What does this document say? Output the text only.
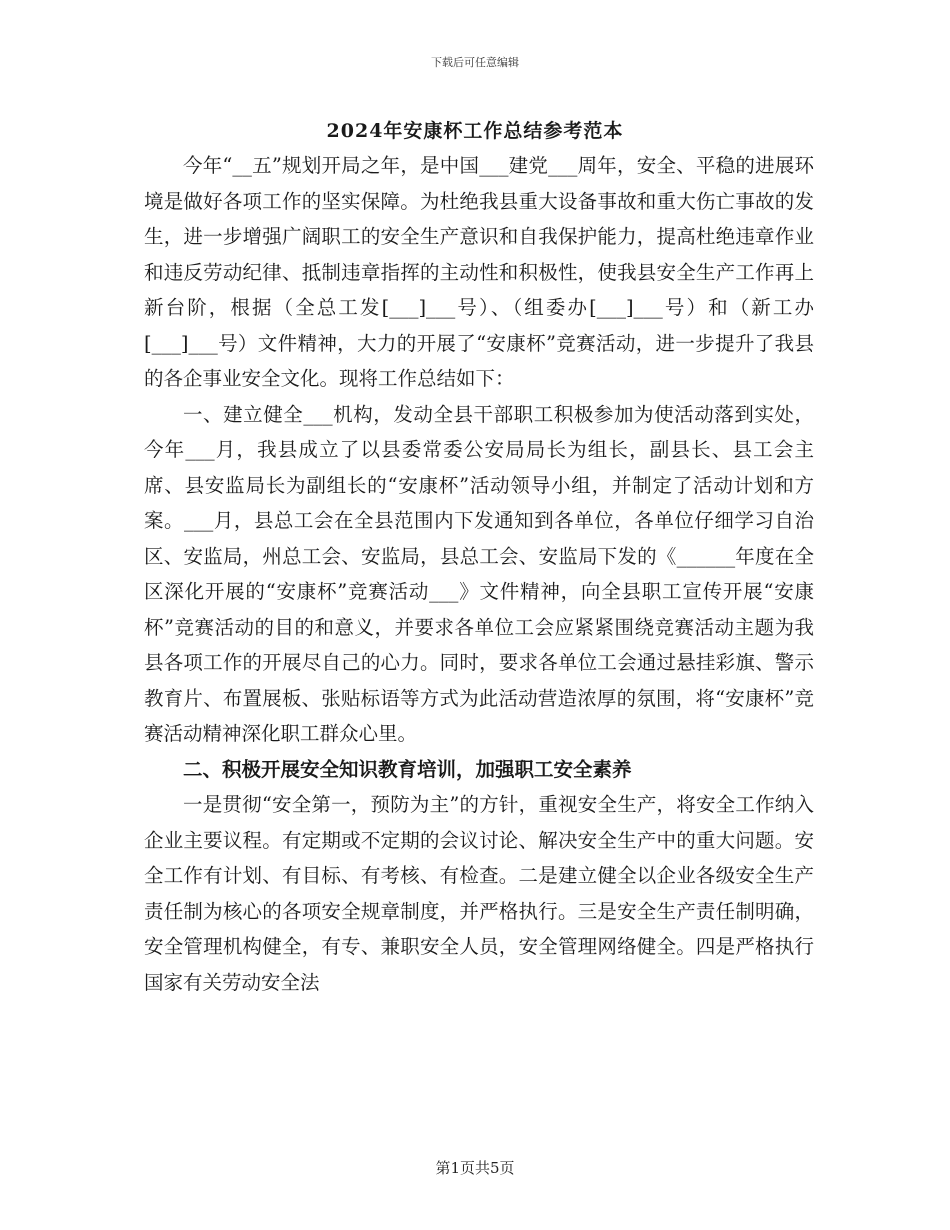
下载后可任意编辑
2024年安康杯工作总结参考范本

今年“__五”规划开局之年，是中国___建党___周年，安全、平稳的进展环境是做好各项工作的坚实保障。为杜绝我县重大设备事故和重大伤亡事故的发生，进一步增强广阔职工的安全生产意识和自我保护能力，提高杜绝违章作业和违反劳动纪律、抵制违章指挥的主动性和积极性，使我县安全生产工作再上新台阶，根据（全总工发[___]___号）、（组委办[___]___号）和（新工办[___]___号）文件精神，大力的开展了“安康杯”竞赛活动，进一步提升了我县的各企事业安全文化。现将工作总结如下：

一、建立健全___机构，发动全县干部职工积极参加为使活动落到实处，今年___月，我县成立了以县委常委公安局局长为组长，副县长、县工会主席、县安监局长为副组长的“安康杯”活动领导小组，并制定了活动计划和方案。___月，县总工会在全县范围内下发通知到各单位，各单位仔细学习自治区、安监局，州总工会、安监局，县总工会、安监局下发的《______年度在全区深化开展的“安康杯”竞赛活动___》文件精神，向全县职工宣传开展“安康杯”竞赛活动的目的和意义，并要求各单位工会应紧紧围绕竞赛活动主题为我县各项工作的开展尽自己的心力。同时，要求各单位工会通过悬挂彩旗、警示教育片、布置展板、张贴标语等方式为此活动营造浓厚的氛围，将“安康杯”竞赛活动精神深化职工群众心里。

二、积极开展安全知识教育培训，加强职工安全素养

一是贯彻“安全第一，预防为主”的方针，重视安全生产，将安全工作纳入企业主要议程。有定期或不定期的会议讨论、解决安全生产中的重大问题。安全工作有计划、有目标、有考核、有检查。二是建立健全以企业各级安全生产责任制为核心的各项安全规章制度，并严格执行。三是安全生产责任制明确，安全管理机构健全，有专、兼职安全人员，安全管理网络健全。四是严格执行国家有关劳动安全法

第1页共5页
